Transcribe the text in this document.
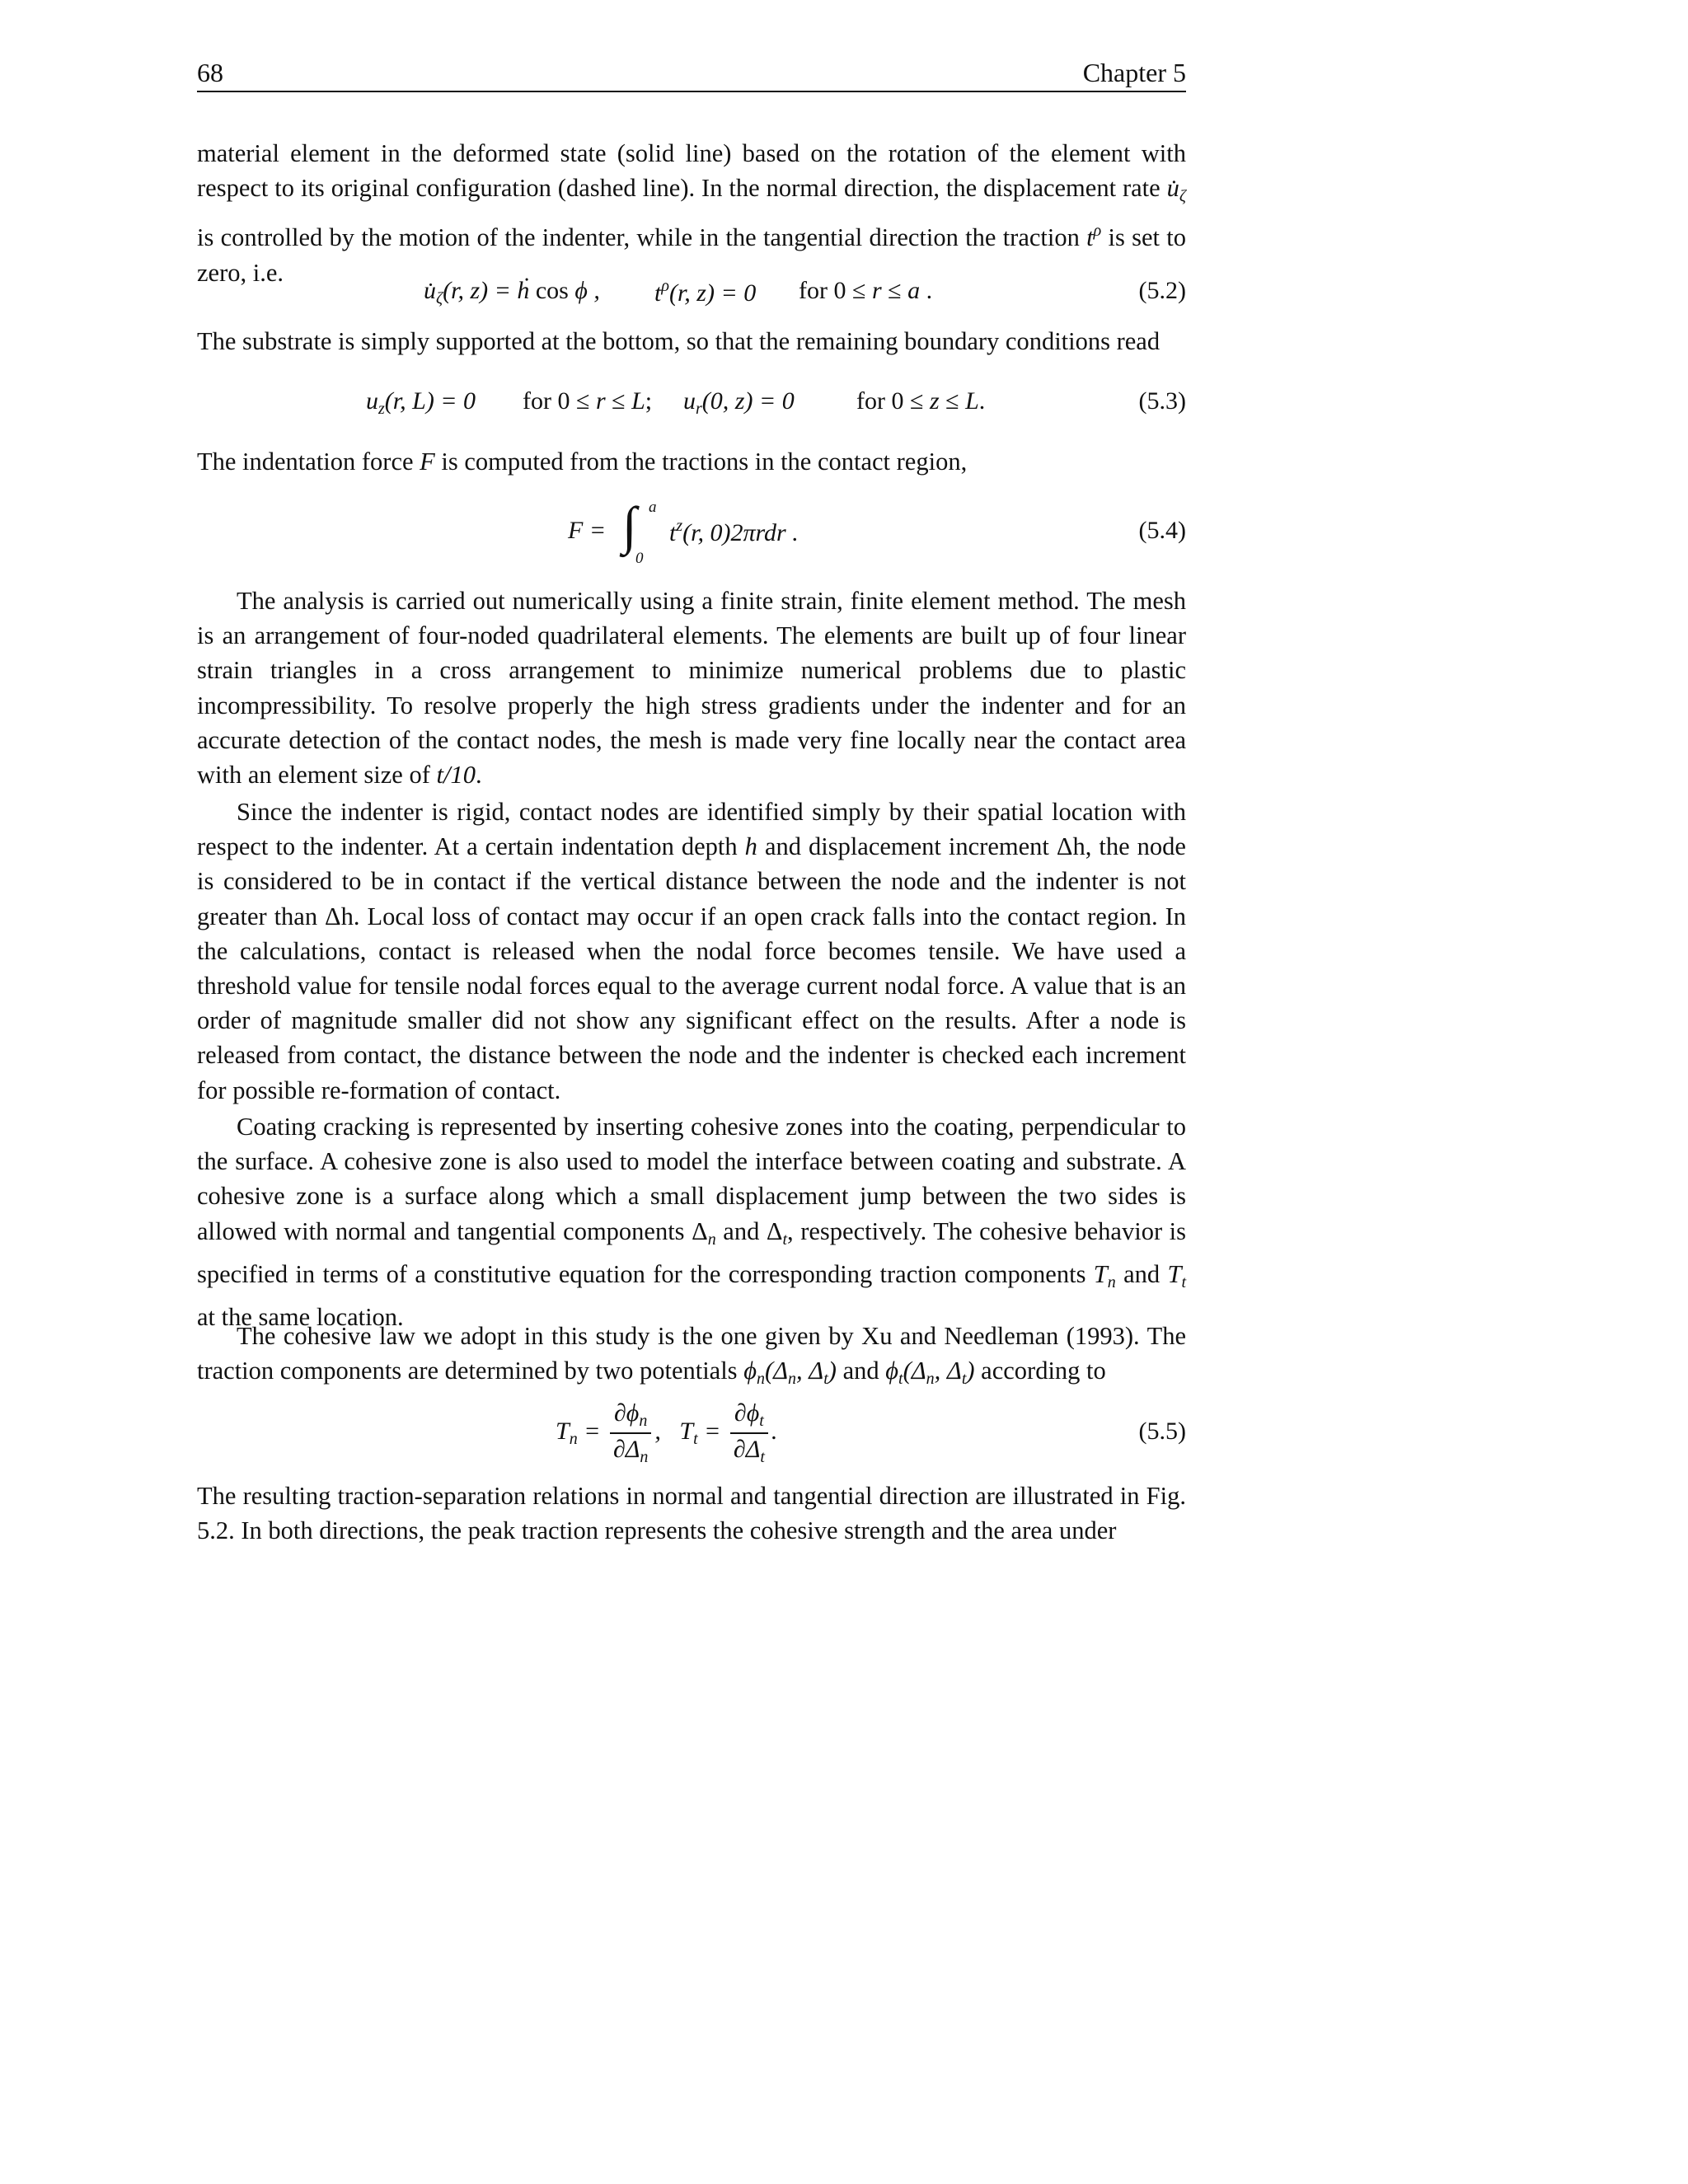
68	Chapter 5

material element in the deformed state (solid line) based on the rotation of the element with respect to its original configuration (dashed line). In the normal direction, the displacement rate $u̇_\zeta$ is controlled by the motion of the indenter, while in the tangential direction the traction $t^\rho$ is set to zero, i.e.

$u̇_\zeta(r$, z) = ḣ cos ϕ , $t^\rho(r$, z) = 0 for 0 ≤ r ≤ a .	(5.2)

The substrate is simply supported at the bottom, so that the remaining boundary conditions read

$u_z(r$, L) = 0 for 0 ≤ r ≤ L; $u_r(0$, z) = 0	for 0 ≤ z ≤ L.	(5.3)

The indentation force F is computed from the tractions in the contact region,

F = ∫ a
0
$t^z(r$, 0)2πrdr .	(5.4)

The analysis is carried out numerically using a finite strain, finite element method. The mesh is an arrangement of four-noded quadrilateral elements. The elements are built up of four linear strain triangles in a cross arrangement to minimize numerical problems due to plastic incompressibility. To resolve properly the high stress gradients under the indenter and for an accurate detection of the contact nodes, the mesh is made very fine locally near the contact area with an element size of t/10.

Since the indenter is rigid, contact nodes are identified simply by their spatial location with respect to the indenter. At a certain indentation depth h and displacement increment Δh, the node is considered to be in contact if the vertical distance between the node and the indenter is not greater than Δh. Local loss of contact may occur if an open crack falls into the contact region. In the calculations, contact is released when the nodal force becomes tensile. We have used a threshold value for tensile nodal forces equal to the average current nodal force. A value that is an order of magnitude smaller did not show any significant effect on the results. After a node is released from contact, the distance between the node and the indenter is checked each increment for possible re-formation of contact.

Coating cracking is represented by inserting cohesive zones into the coating, perpendicular to the surface. A cohesive zone is also used to model the interface between coating and substrate. A cohesive zone is a surface along which a small displacement jump between the two sides is allowed with normal and tangential components $\Delta_n$ and $\Delta_t$, respectively. The cohesive behavior is specified in terms of a constitutive equation for the corresponding traction components $T_n$ and $T_t$ at the same location.

The cohesive law we adopt in this study is the one given by Xu and Needleman (1993). The traction components are determined by two potentials $\phi_n(\Delta_n$, $\Delta_t$) and $\phi_t(\Delta_n$, $\Delta_t$) according to

$T_n = \frac{\partial\phi_n}{\partial\Delta_n}$ ,   $T_t = \frac{\partial\phi_t}{\partial\Delta_t}$ .	(5.5)

The resulting traction-separation relations in normal and tangential direction are illustrated in Fig. 5.2. In both directions, the peak traction represents the cohesive strength and the area under
